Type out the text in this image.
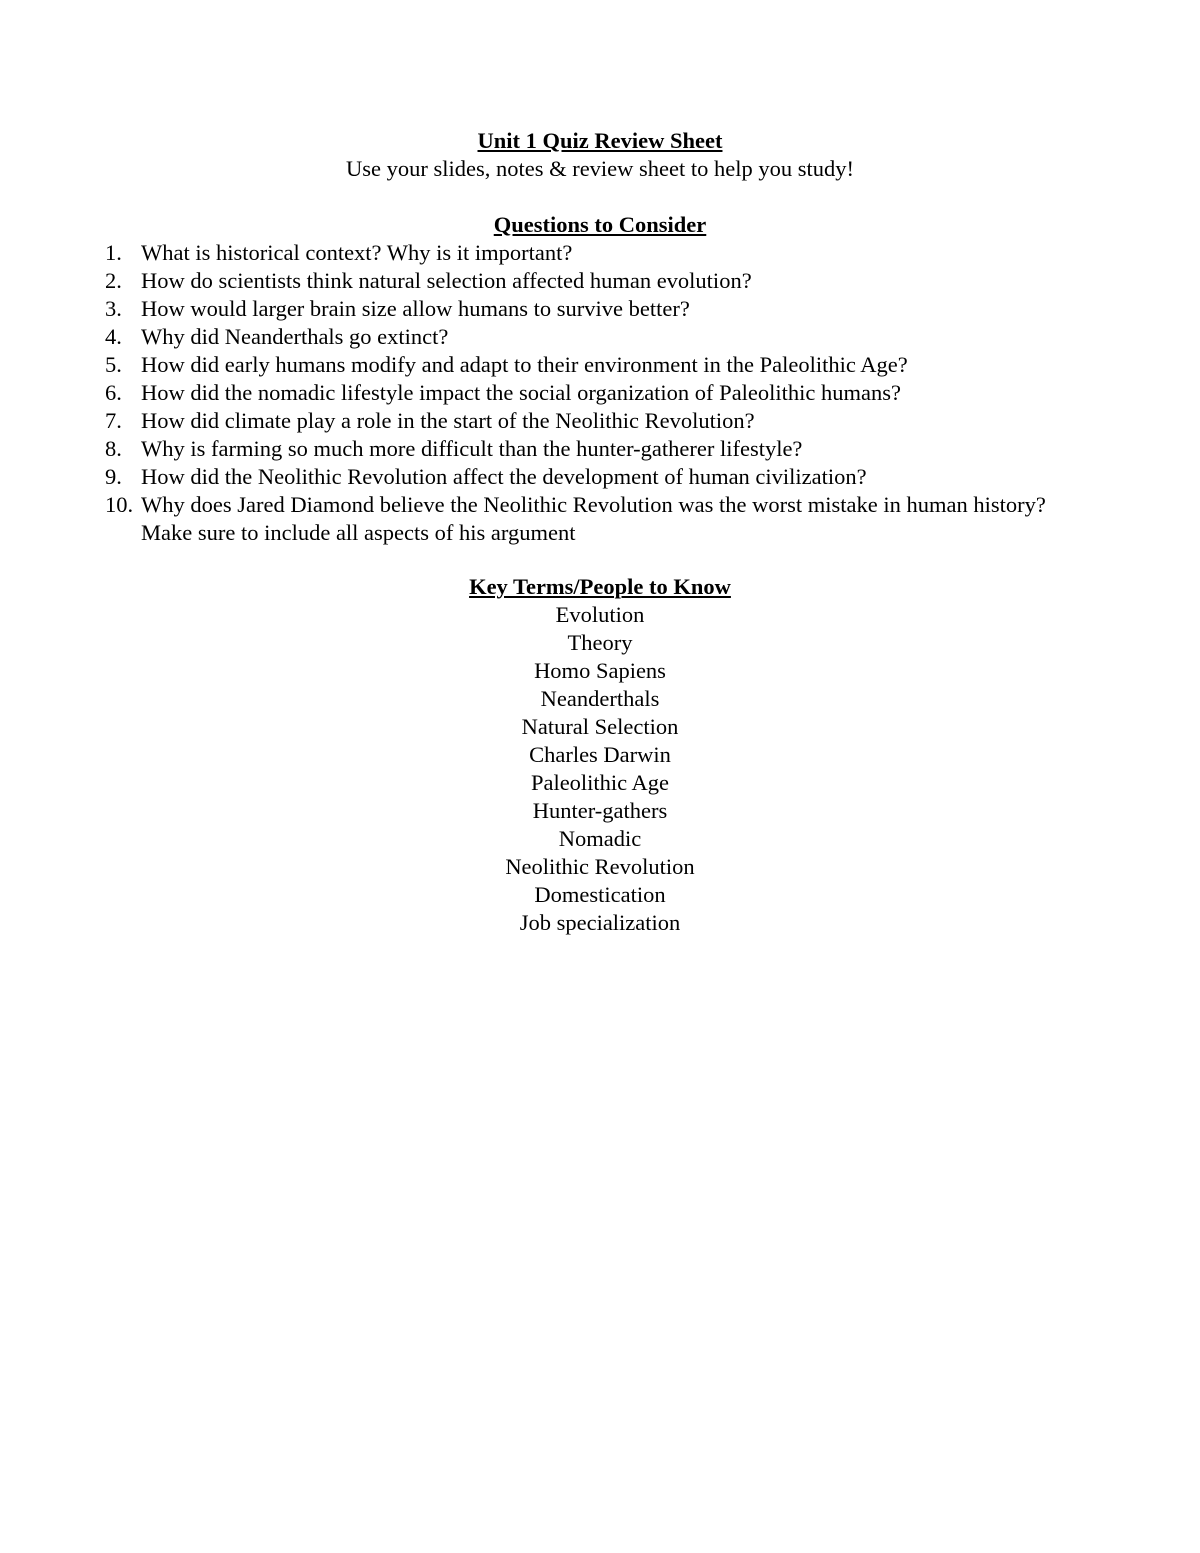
Unit 1 Quiz Review Sheet
Use your slides, notes & review sheet to help you study!
Questions to Consider
1. What is historical context? Why is it important?
2. How do scientists think natural selection affected human evolution?
3. How would larger brain size allow humans to survive better?
4. Why did Neanderthals go extinct?
5. How did early humans modify and adapt to their environment in the Paleolithic Age?
6. How did the nomadic lifestyle impact the social organization of Paleolithic humans?
7. How did climate play a role in the start of the Neolithic Revolution?
8. Why is farming so much more difficult than the hunter-gatherer lifestyle?
9. How did the Neolithic Revolution affect the development of human civilization?
10. Why does Jared Diamond believe the Neolithic Revolution was the worst mistake in human history? Make sure to include all aspects of his argument
Key Terms/People to Know
Evolution
Theory
Homo Sapiens
Neanderthals
Natural Selection
Charles Darwin
Paleolithic Age
Hunter-gathers
Nomadic
Neolithic Revolution
Domestication
Job specialization
